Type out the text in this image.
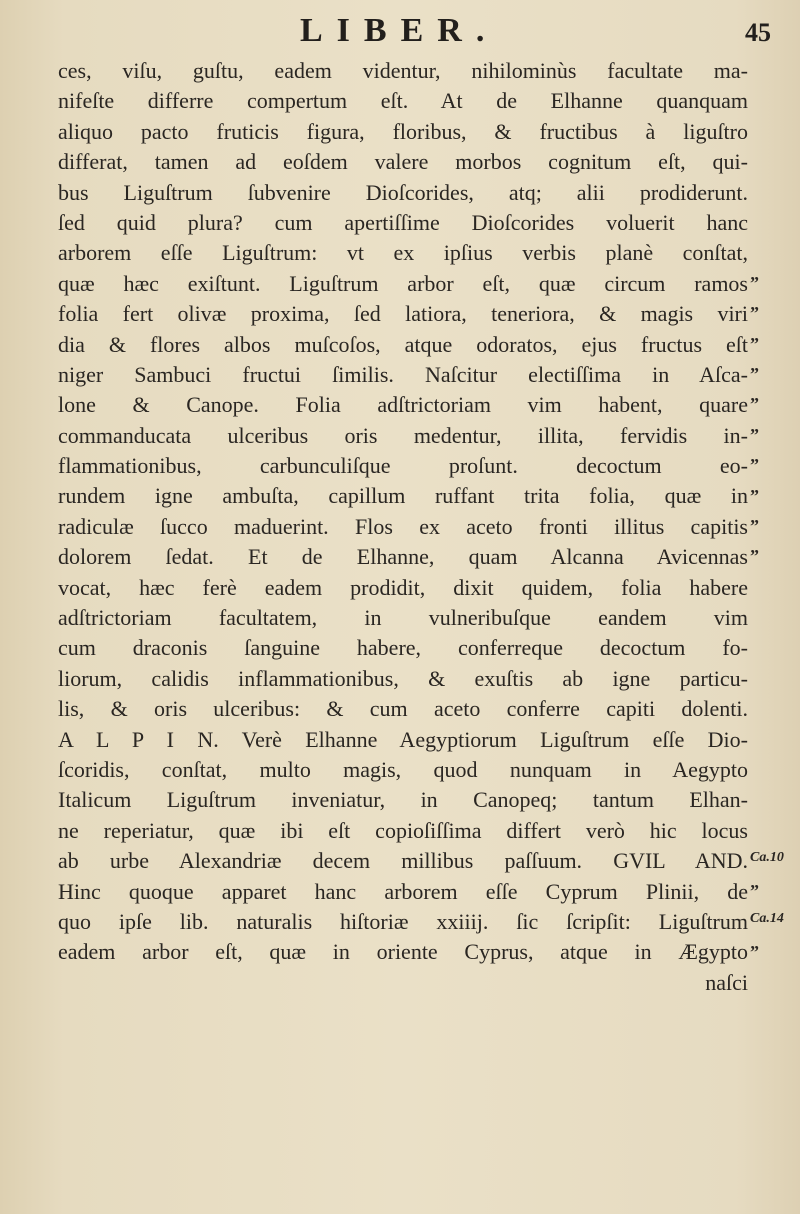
LIBER.	45
ces, viſu, guſtu, eadem videntur, nihilominùs facultate ma-
nifeſte differre compertum eſt. At de Elhanne quanquam
aliquo pacto fruticis figura, floribus, & fructibus à liguſtro
differat, tamen ad eoſdem valere morbos cognitum eſt, qui-
bus Liguſtrum ſubvenire Dioſcorides, atq; alii prodiderunt.
ſed quid plura? cum apertiſſime Dioſcorides voluerit hanc
arborem eſſe Liguſtrum: vt ex ipſius verbis planè conſtat,
quæ hæc exiſtunt. Liguſtrum arbor eſt, quæ circum ramos
folia fert olivæ proxima, ſed latiora, teneriora, & magis viri
dia & flores albos muſcoſos, atque odoratos, ejus fructus eſt
niger Sambuci fructui ſimilis. Naſcitur electiſſima in Aſca-
lone & Canope. Folia adſtrictoriam vim habent, quare
commanducata ulceribus oris medentur, illita, fervidis in-
flammationibus, carbunculiſque proſunt. decoctum eo-
rundem igne ambuſta, capillum ruffant trita folia, quæ in
radiculæ ſucco maduerint. Flos ex aceto fronti illitus capitis
dolorem ſedat. Et de Elhanne, quam Alcanna Avicennas
vocat, hæc ferè eadem prodidit, dixit quidem, folia habere
adſtrictoriam facultatem, in vulneribuſque eandem vim
cum draconis ſanguine habere, conferreque decoctum fo-
liorum, calidis inflammationibus, & exuſtis ab igne particu-
lis, & oris ulceribus: & cum aceto conferre capiti dolenti.
A L P I N. Verè Elhanne Aegyptiorum Liguſtrum eſſe Dio-
ſcoridis, conſtat, multo magis, quod nunquam in Aegypto
Italicum Liguſtrum inveniatur, in Canopeq; tantum Elhan-
ne reperiatur, quæ ibi eſt copioſiſſima differt verò hic locus
ab urbe Alexandriæ decem millibus paſſuum. GVIL AND.
Hinc quoque apparet hanc arborem eſſe Cyprum Plinii, de
quo ipſe lib. naturalis hiſtoriæ xxiiij. ſic ſcripſit: Liguſtrum
eadem arbor eſt, quæ in oriente Cyprus, atque in Ægypto
naſci
”
”
”
”
”
”
”
”
”
”
Ca.10
”
Ca.14
”
